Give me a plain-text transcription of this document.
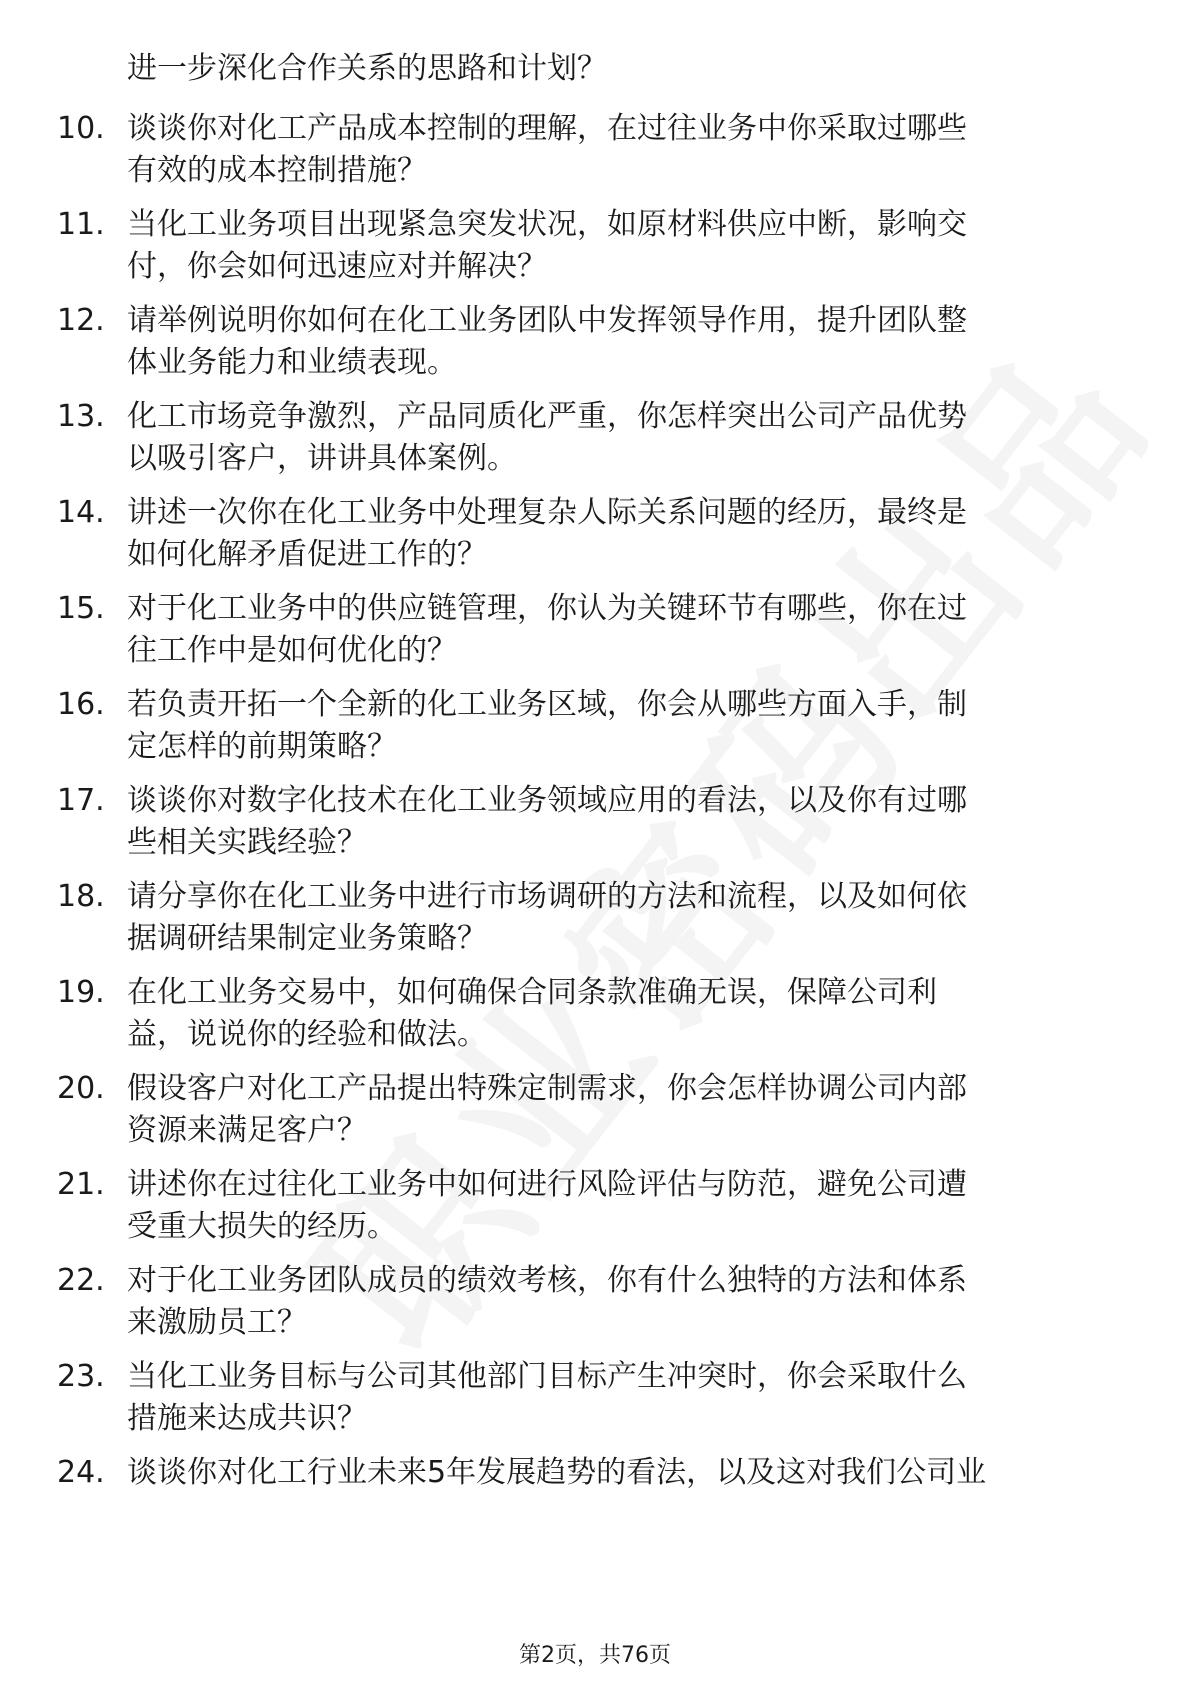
进一步深化合作关系的思路和计划？
10. 谈谈你对化工产品成本控制的理解，在过往业务中你采取过哪些
有效的成本控制措施？
11. 当化工业务项目出现紧急突发状况，如原材料供应中断，影响交
付，你会如何迅速应对并解决？
12. 请举例说明你如何在化工业务团队中发挥领导作用，提升团队整
体业务能力和业绩表现。
13. 化工市场竞争激烈，产品同质化严重，你怎样突出公司产品优势
以吸引客户，讲讲具体案例。
14. 讲述一次你在化工业务中处理复杂人际关系问题的经历，最终是
如何化解矛盾促进工作的？
15. 对于化工业务中的供应链管理，你认为关键环节有哪些，你在过
往工作中是如何优化的？
16. 若负责开拓一个全新的化工业务区域，你会从哪些方面入手，制
定怎样的前期策略？
17. 谈谈你对数字化技术在化工业务领域应用的看法，以及你有过哪
些相关实践经验？
18. 请分享你在化工业务中进行市场调研的方法和流程，以及如何依
据调研结果制定业务策略？
19. 在化工业务交易中，如何确保合同条款准确无误，保障公司利
益，说说你的经验和做法。
20. 假设客户对化工产品提出特殊定制需求，你会怎样协调公司内部
资源来满足客户？
21. 讲述你在过往化工业务中如何进行风险评估与防范，避免公司遭
受重大损失的经历。
22. 对于化工业务团队成员的绩效考核，你有什么独特的方法和体系
来激励员工？
23. 当化工业务目标与公司其他部门目标产生冲突时，你会采取什么
措施来达成共识？
24. 谈谈你对化工行业未来5年发展趋势的看法，以及这对我们公司业
第2页，共76页
